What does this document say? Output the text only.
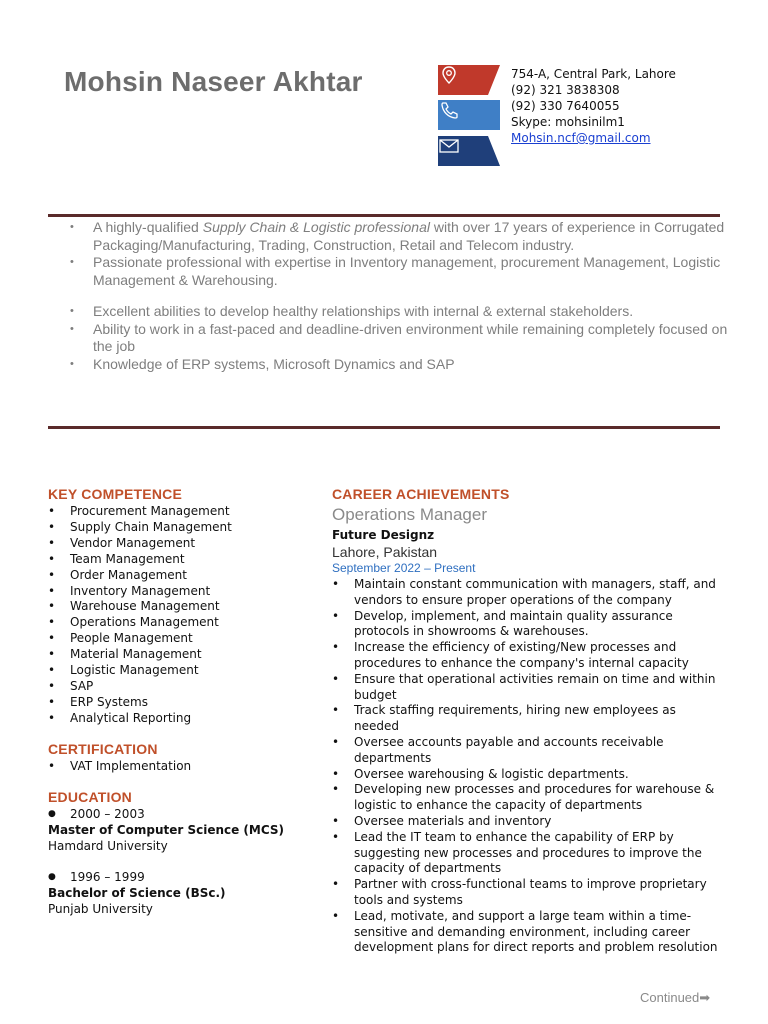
Mohsin Naseer Akhtar	754-A, Central Park, Lahore
(92) 321 3838308
(92) 330 7640055
Skype: mohsinilm1
Mohsin.ncf@gmail.com
• A highly-qualified Supply Chain & Logistic professional with over 17 years of experience in Corrugated Packaging/Manufacturing, Trading, Construction, Retail and Telecom industry.
• Passionate professional with expertise in Inventory management, procurement Management, Logistic Management & Warehousing.
• Excellent abilities to develop healthy relationships with internal & external stakeholders.
• Ability to work in a fast-paced and deadline-driven environment while remaining completely focused on the job
• Knowledge of ERP systems, Microsoft Dynamics and SAP
KEY COMPETENCE
• Procurement Management
• Supply Chain Management
• Vendor Management
• Team Management
• Order Management
• Inventory Management
• Warehouse Management
• Operations Management
• People Management
• Material Management
• Logistic Management
• SAP
• ERP Systems
• Analytical Reporting
CERTIFICATION
• VAT Implementation
EDUCATION
● 2000 – 2003
Master of Computer Science (MCS)
Hamdard University
● 1996 – 1999
Bachelor of Science (BSc.)
Punjab University
CAREER ACHIEVEMENTS
Operations Manager
Future Designz
Lahore, Pakistan
September 2022 – Present
• Maintain constant communication with managers, staff, and vendors to ensure proper operations of the company
• Develop, implement, and maintain quality assurance protocols in showrooms & warehouses.
• Increase the efficiency of existing/New processes and procedures to enhance the company's internal capacity
• Ensure that operational activities remain on time and within budget
• Track staffing requirements, hiring new employees as needed
• Oversee accounts payable and accounts receivable departments
• Oversee warehousing & logistic departments.
• Developing new processes and procedures for warehouse & logistic to enhance the capacity of departments
• Oversee materials and inventory
• Lead the IT team to enhance the capability of ERP by suggesting new processes and procedures to improve the capacity of departments
• Partner with cross-functional teams to improve proprietary tools and systems
• Lead, motivate, and support a large team within a time-sensitive and demanding environment, including career development plans for direct reports and problem resolution
Continued➡
